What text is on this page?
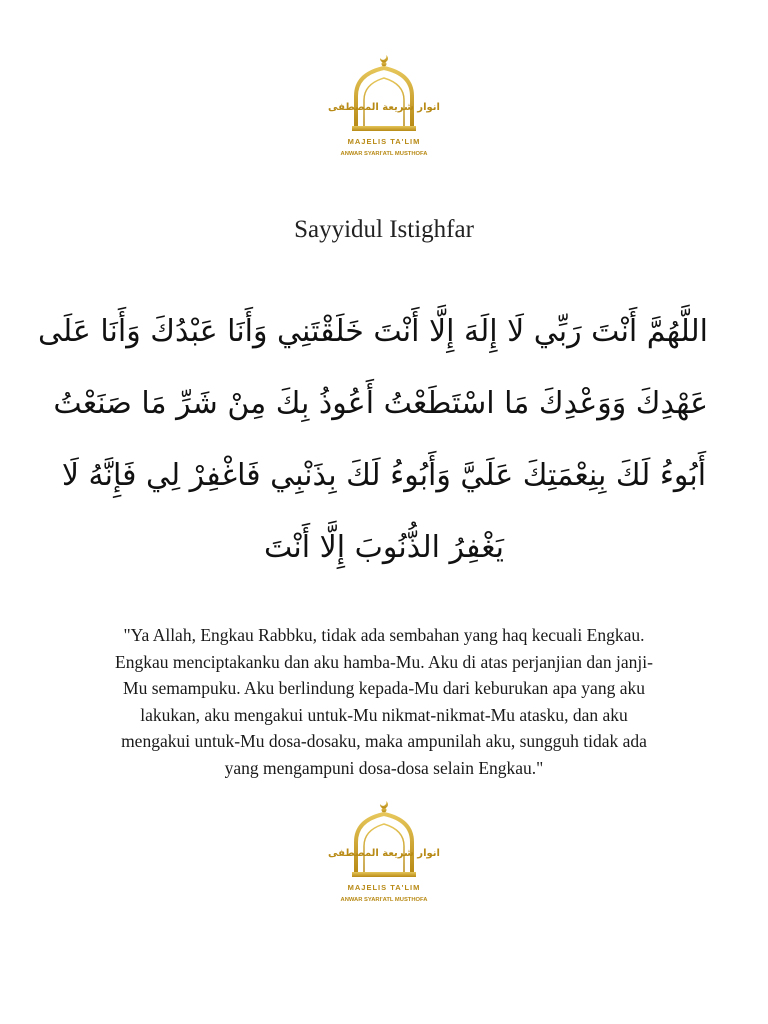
انوار شريعة المصطفى
MAJELIS TA'LIM
ANWAR SYARI'ATL MUSTHOFA
Sayyidul Istighfar
اللَّهُمَّ أَنْتَ رَبِّي لَا إِلَهَ إِلَّا أَنْتَ خَلَقْتَنِي وَأَنَا عَبْدُكَ وَأَنَا عَلَى
عَهْدِكَ وَوَعْدِكَ مَا اسْتَطَعْتُ أَعُوذُ بِكَ مِنْ شَرِّ مَا صَنَعْتُ
أَبُوءُ لَكَ بِنِعْمَتِكَ عَلَيَّ وَأَبُوءُ لَكَ بِذَنْبِي فَاغْفِرْ لِي فَإِنَّهُ لَا
يَغْفِرُ الذُّنُوبَ إِلَّا أَنْتَ
"Ya Allah, Engkau Rabbku, tidak ada sembahan yang haq kecuali Engkau.
Engkau menciptakanku dan aku hamba-Mu. Aku di atas perjanjian dan janji-
Mu semampuku. Aku berlindung kepada-Mu dari keburukan apa yang aku
lakukan, aku mengakui untuk-Mu nikmat-nikmat-Mu atasku, dan aku
mengakui untuk-Mu dosa-dosaku, maka ampunilah aku, sungguh tidak ada
yang mengampuni dosa-dosa selain Engkau."
انوار شريعة المصطفى
MAJELIS TA'LIM
ANWAR SYARI'ATL MUSTHOFA
